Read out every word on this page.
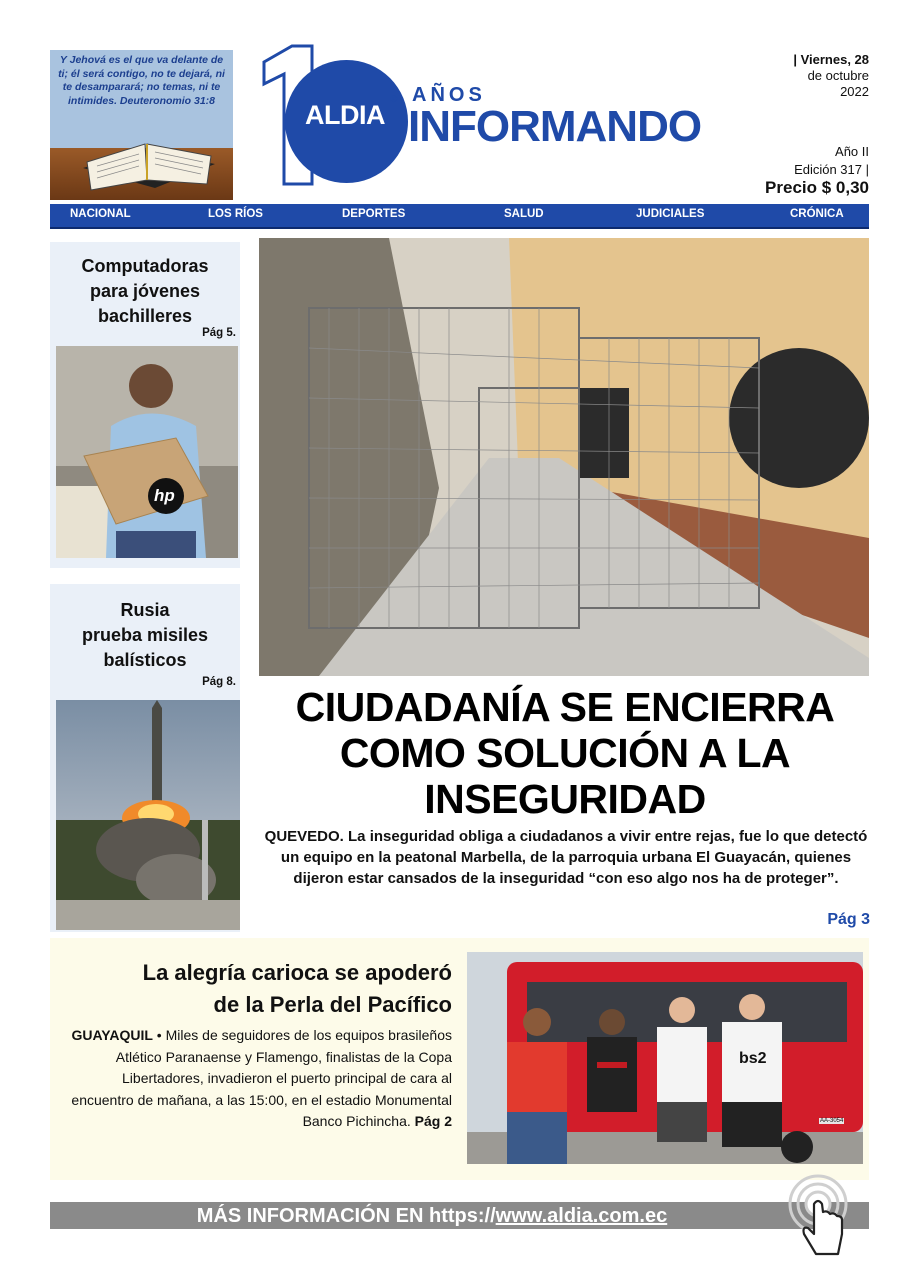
Y Jehová es el que va delante de ti; él será contigo, no te dejará, ni te desamparará; no temas, ni te intimides. Deuteronomio 31:8	ALDIA
® AÑOS
INFORMANDO
| Viernes, 28
de octubre
2022
Año II
Edición 317 |
Precio $ 0,30
NACIONAL	LOS RÍOS	DEPORTES	SALUD	JUDICIALES	CRÓNICA
Computadoras
para jóvenes
bachilleres
Pág 5.
hp
Rusia
prueba misiles
balísticos
Pág 8.
CIUDADANÍA SE ENCIERRA
COMO SOLUCIÓN A LA
INSEGURIDAD
QUEVEDO. La inseguridad obliga a ciudadanos a vivir entre rejas, fue lo que detectó un equipo en la peatonal Marbella, de la parroquia urbana El Guayacán, quienes dijeron estar cansados de la inseguridad “con eso algo nos ha de proteger”.
Pág 3
La alegría carioca se apoderó
de la Perla del Pacífico
GUAYAQUIL • Miles de seguidores de los equipos brasileños Atlético Paranaense y Flamengo, finalistas de la Copa Libertadores, invadieron el puerto principal de cara al encuentro de mañana, a las 15:00, en el estadio Monumental Banco Pichincha. Pág 2
bs2
AA-3054
MÁS INFORMACIÓN EN https://www.aldia.com.ec
